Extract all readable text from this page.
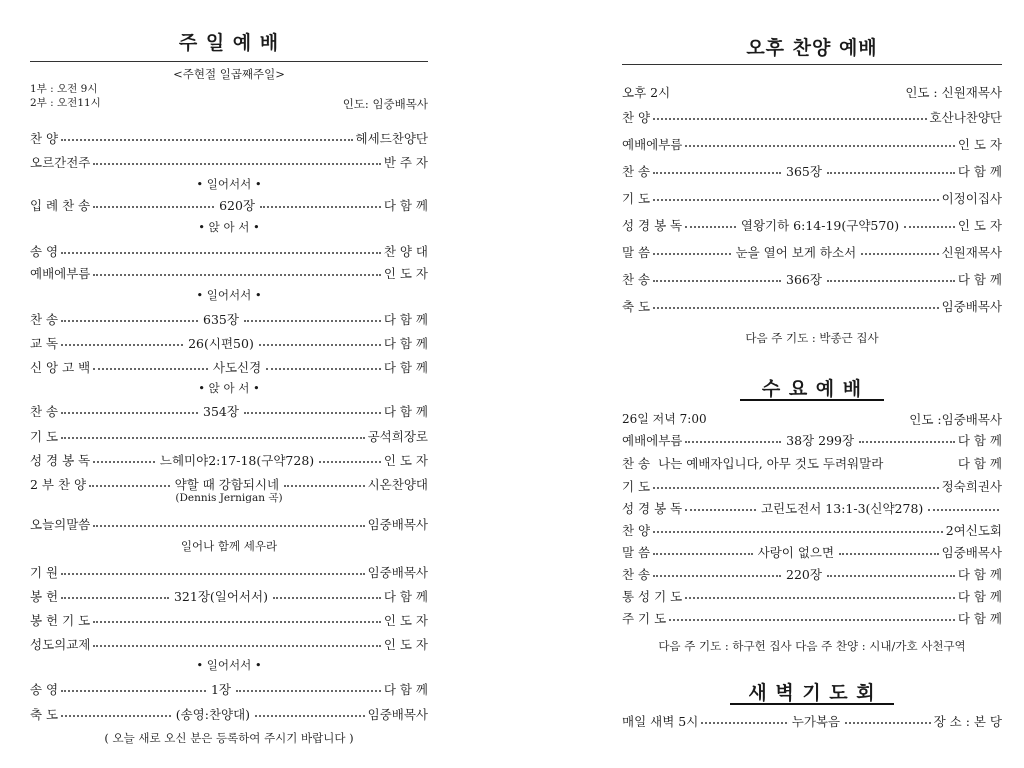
주 일 예 배
<주현절 일곱째주일>
1부 : 오전 9시
2부 : 오전11시	인도: 임중배목사
찬 양	헤세드찬양단
오르간전주	반 주 자
• 일어서서 •
입 례 찬 송	620장	다 함 께
• 앉 아 서 •
송 영	찬 양 대
예배에부름	인 도 자
• 일어서서 •
찬 송	635장	다 함 께
교 독	26(시편50)	다 함 께
신 앙 고 백	사도신경	다 함 께
• 앉 아 서 •
찬 송	354장	다 함 께
기 도	공석희장로
성 경 봉 독	느헤미야2:17-18(구약728)	인 도 자
2 부 찬 양	약할 때 강함되시네	시온찬양대
(Dennis Jernigan 곡)
오늘의말씀	임중배목사
일어나 함께 세우라
기 원	임중배목사
봉 헌	321장(일어서서)	다 함 께
봉 헌 기 도	인 도 자
성도의교제	인 도 자
• 일어서서 •
송 영	1장	다 함 께
축 도	(송영:찬양대)	임중배목사
( 오늘 새로 오신 분은 등록하여 주시기 바랍니다 )
오후 찬양 예배
오후 2시	인도 : 신원재목사
찬 양	호산나찬양단
예배에부름	인 도 자
찬 송	365장	다 함 께
기 도	이정이집사
성 경 봉 독	열왕기하 6:14-19(구약570)	인 도 자
말 씀	눈을 열어 보게 하소서	신원재목사
찬 송	366장	다 함 께
축 도	임중배목사
다음 주 기도 : 박종근 집사
수 요 예 배
26일 저녁 7:00	인도 :임중배목사
예배에부름	38장 299장	다 함 께
찬 송 나는 예배자입니다, 아무 것도 두려워말라	다 함 께
기 도	정숙희권사
성 경 봉 독	고린도전서 13:1-3(신약278)
찬 양	2여신도회
말 씀	사랑이 없으면	임중배목사
찬 송	220장	다 함 께
통 성 기 도	다 함 께
주 기 도	다 함 께
다음 주 기도 : 하구헌 집사 다음 주 찬양 : 시내/가호 사천구역
새 벽 기 도 회
매일 새벽 5시	누가복음	장 소 : 본 당
